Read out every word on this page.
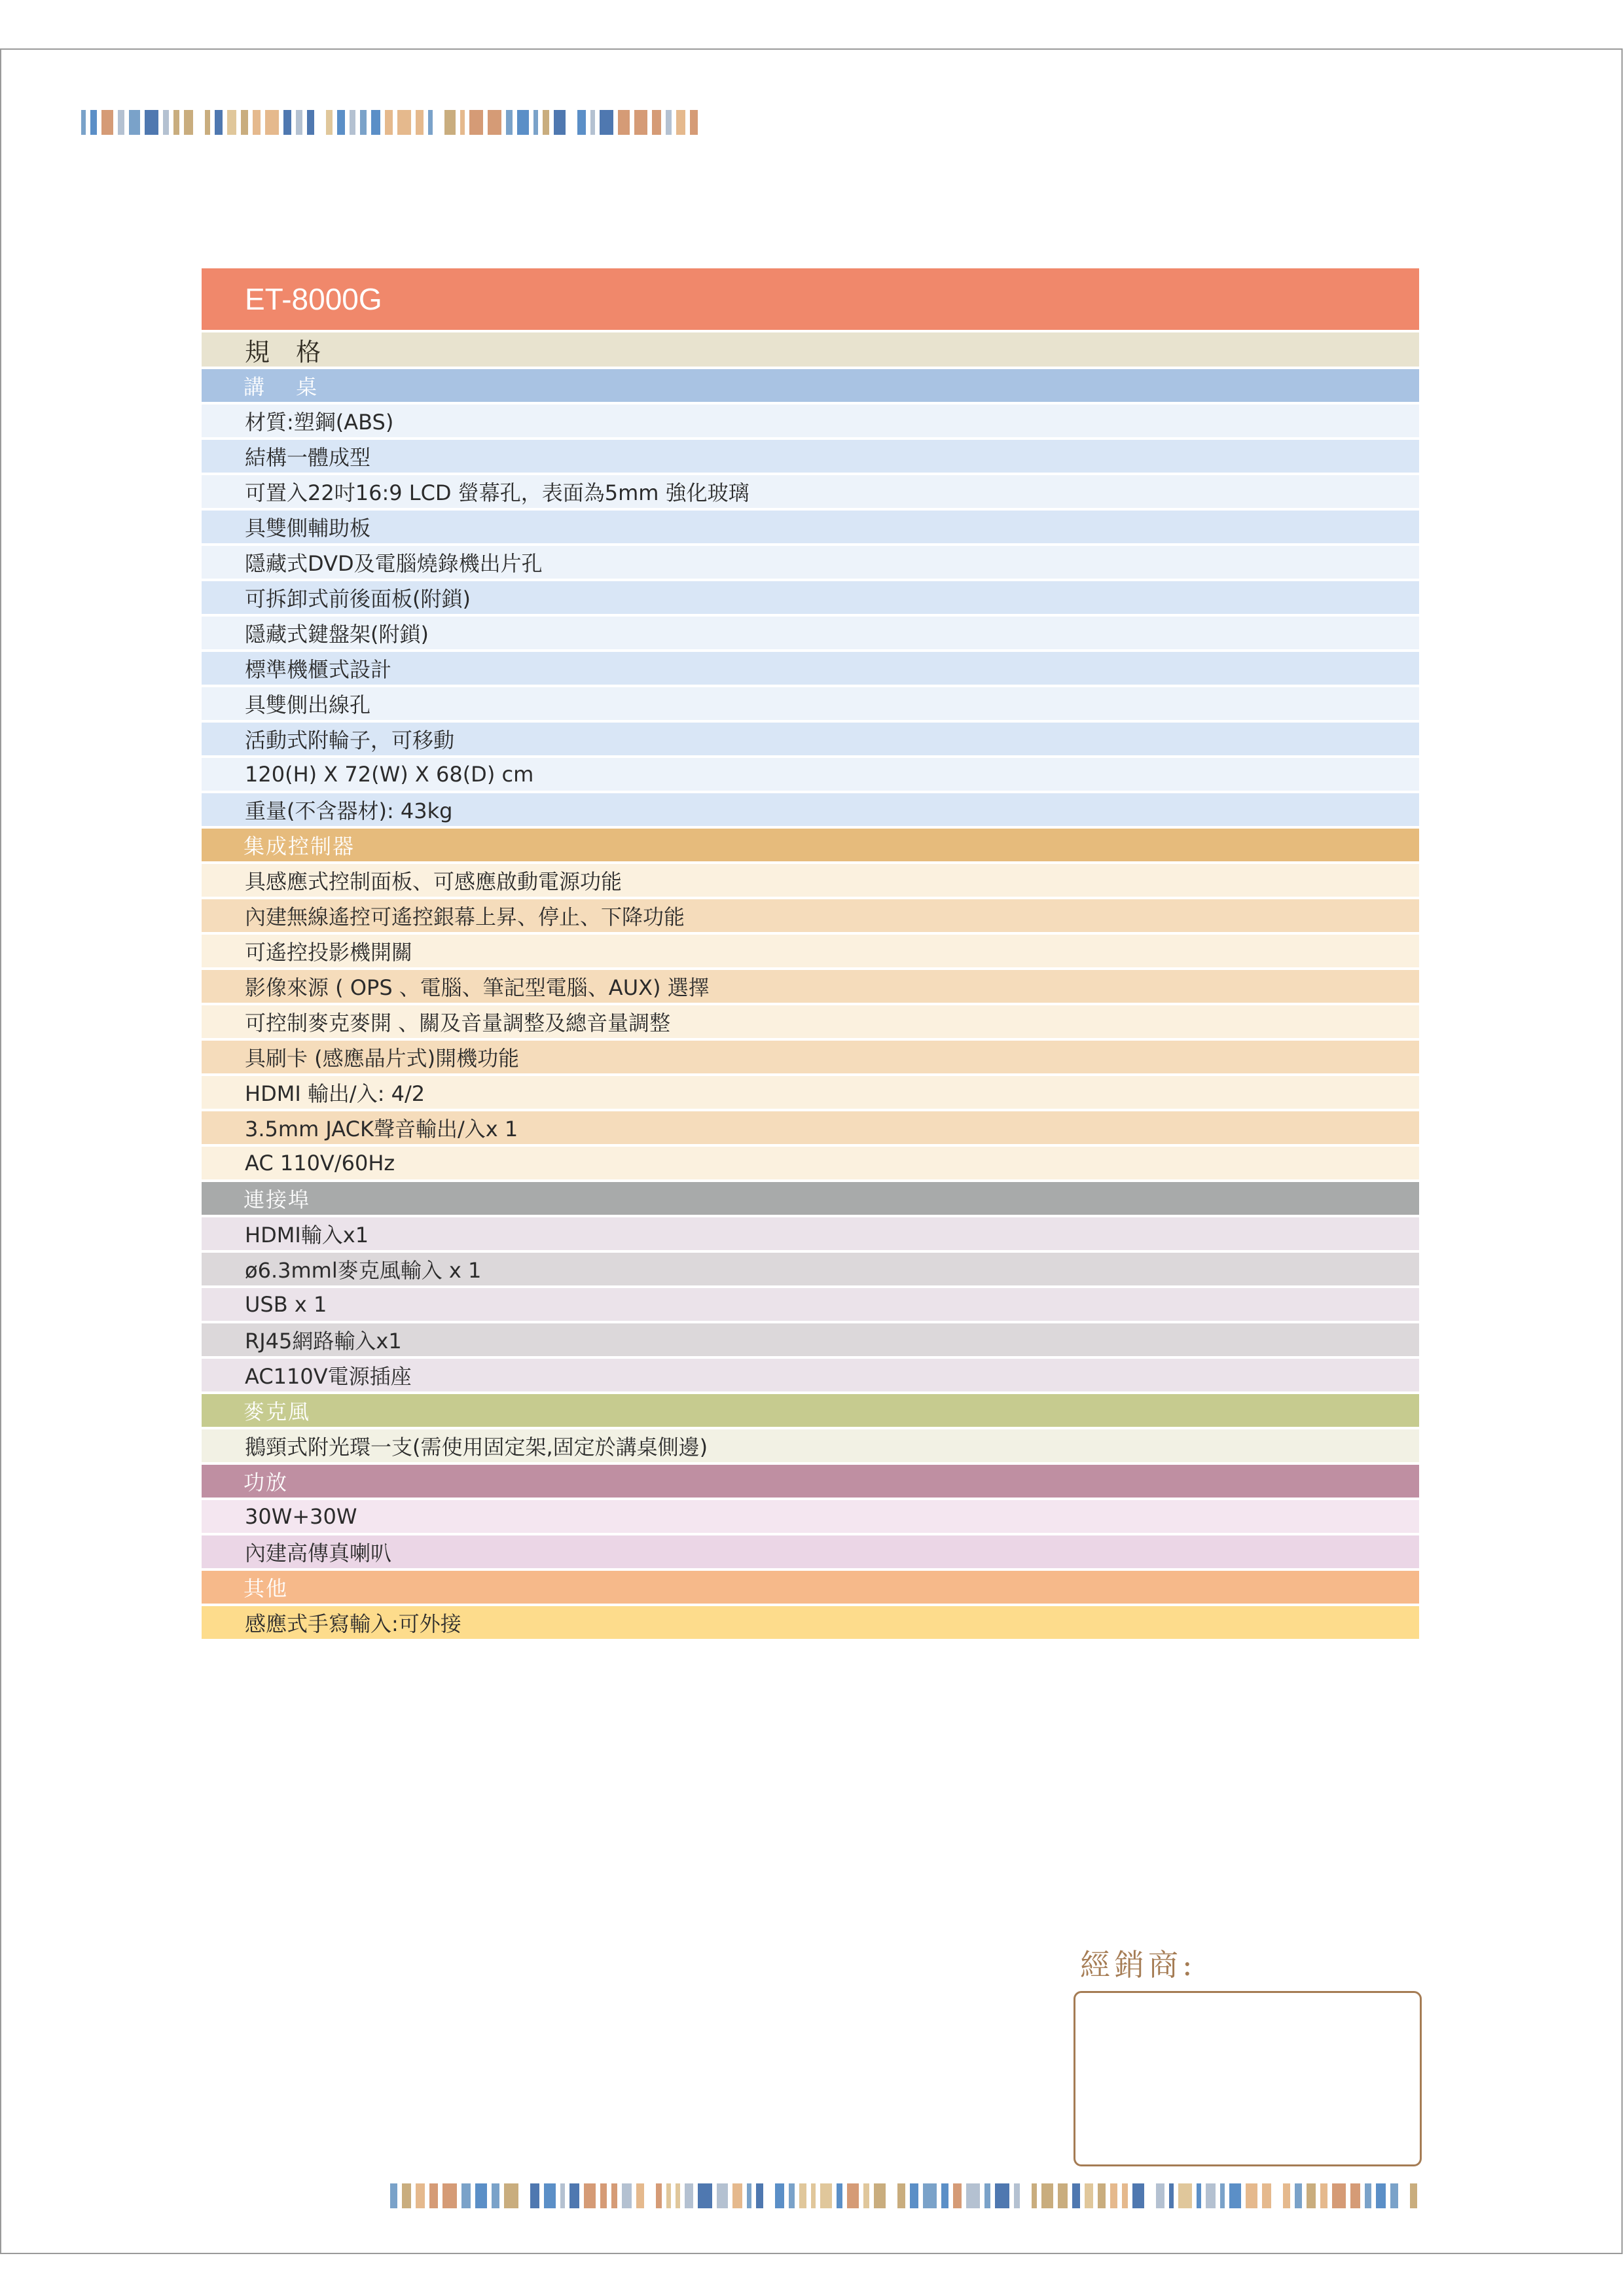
ET-8000G
規 格
講　 桌
材質:塑鋼(ABS)
結構一體成型
可置入22吋16:9 LCD 螢幕孔，表面為5mm 強化玻璃
具雙側輔助板
隱藏式DVD及電腦燒錄機出片孔
可拆卸式前後面板(附鎖)
隱藏式鍵盤架(附鎖)
標準機櫃式設計
具雙側出線孔
活動式附輪子，可移動
120(H) X 72(W) X 68(D) cm
重量(不含器材): 43kg
集成控制器
具感應式控制面板、可感應啟動電源功能
內建無線遙控可遙控銀幕上昇、停止、下降功能
可遙控投影機開關
影像來源 ( OPS 、電腦、筆記型電腦、AUX) 選擇
可控制麥克麥開 、關及音量調整及總音量調整
具刷卡 (感應晶片式)開機功能
HDMI 輸出/入: 4/2
3.5mm JACK聲音輸出/入x 1
AC 110V/60Hz
連接埠
HDMI輸入x1
ø6.3mml麥克風輸入 x 1
USB x 1
RJ45網路輸入x1
AC110V電源插座
麥克風
鵝頸式附光環一支(需使用固定架,固定於講桌側邊)
功放
30W+30W
內建高傳真喇叭
其他
感應式手寫輸入:可外接
經銷商:
